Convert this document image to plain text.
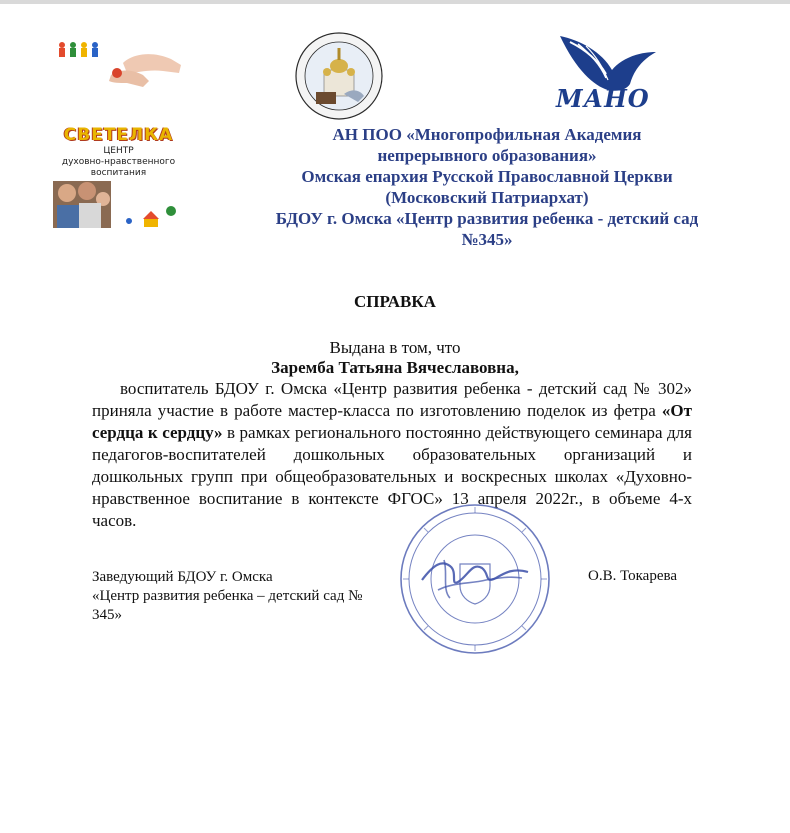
СВЕТЕЛКА
ЦЕНТР
духовно-нравственного
воспитания
МАНО
АН ПОО «Многопрофильная Академия
непрерывного образования»
Омская епархия Русской Православной Церкви
(Московский Патриархат)
БДОУ г. Омска «Центр развития ребенка - детский сад
№345»
СПРАВКА
Выдана в том, что
Заремба Татьяна Вячеславовна,

воспитатель БДОУ г. Омска «Центр развития ребенка - детский сад № 302» приняла участие в работе мастер-класса по изготовлению поделок из фетра «От сердца к сердцу» в рамках регионального постоянно действующего семинара для педагогов-воспитателей дошкольных образовательных организаций и дошкольных групп при общеобразовательных и воскресных школах «Духовно-нравственное воспитание в контексте ФГОС» 13 апреля 2022г., в объеме 4-х часов.

Заведующий БДОУ г. Омска
«Центр развития ребенка – детский сад №
345»
О.В. Токарева
